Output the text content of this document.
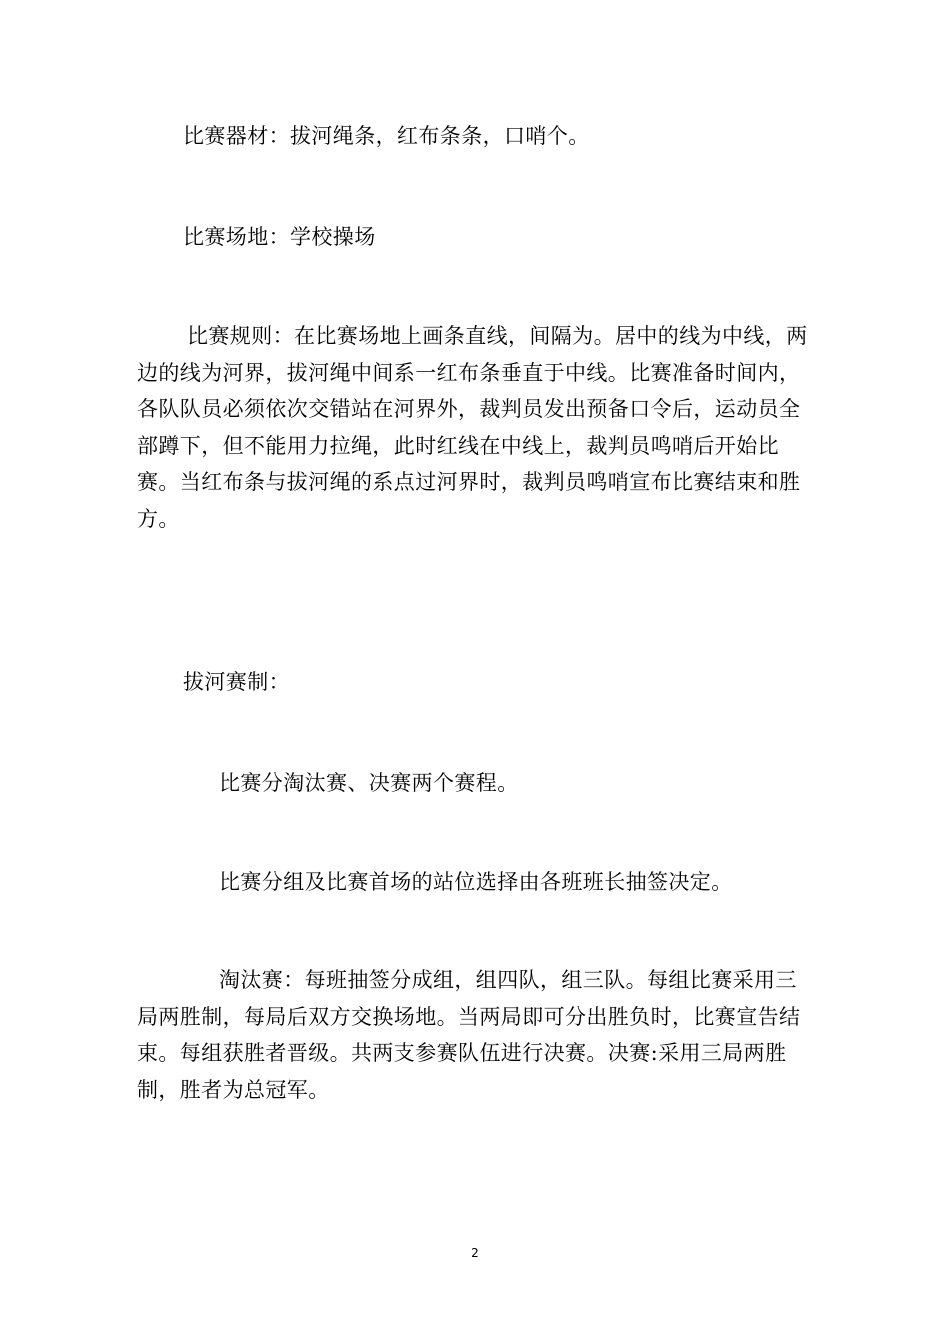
比赛器材：拔河绳条，红布条条，口哨个。

比赛场地：学校操场

比赛规则：在比赛场地上画条直线，间隔为。居中的线为中线，两边的线为河界，拔河绳中间系一红布条垂直于中线。比赛准备时间内，各队队员必须依次交错站在河界外，裁判员发出预备口令后，运动员全部蹲下，但不能用力拉绳，此时红线在中线上，裁判员鸣哨后开始比赛。当红布条与拔河绳的系点过河界时，裁判员鸣哨宣布比赛结束和胜方。

拔河赛制：

比赛分淘汰赛、决赛两个赛程。

比赛分组及比赛首场的站位选择由各班班长抽签决定。

淘汰赛：每班抽签分成组，组四队，组三队。每组比赛采用三局两胜制，每局后双方交换场地。当两局即可分出胜负时，比赛宣告结束。每组获胜者晋级。共两支参赛队伍进行决赛。决赛:采用三局两胜制，胜者为总冠军。

2
